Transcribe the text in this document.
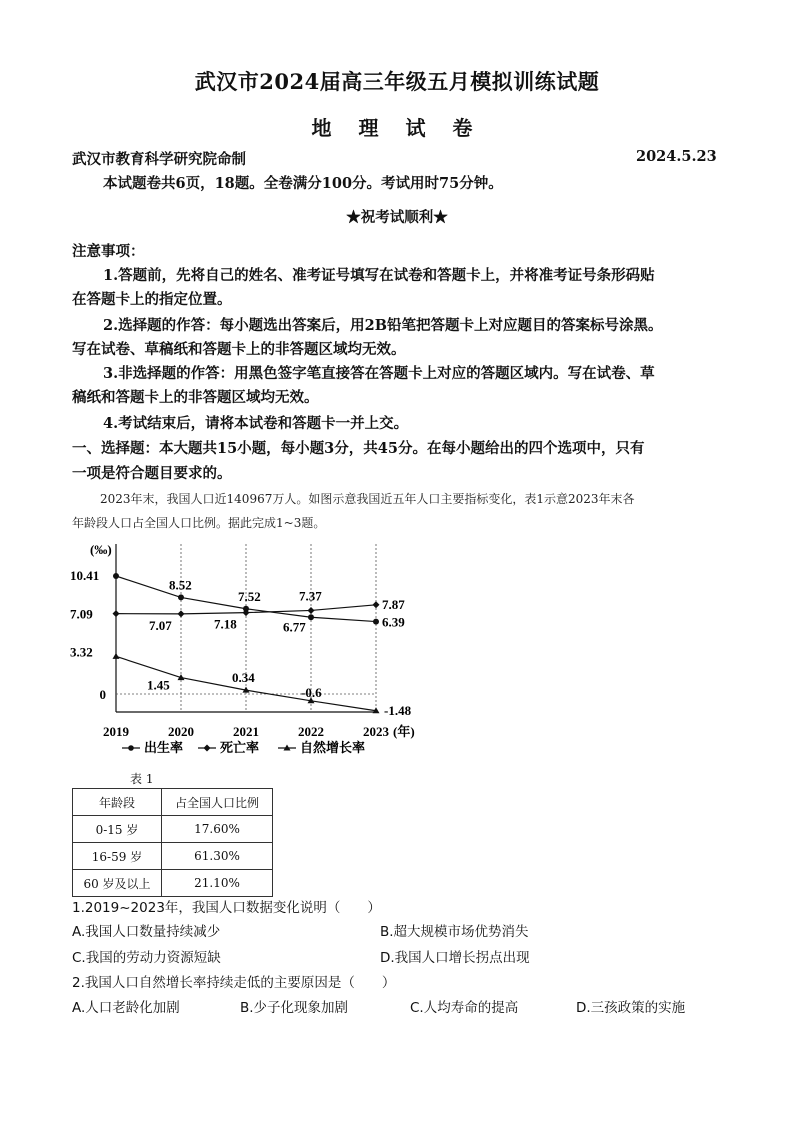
武汉市2024届高三年级五月模拟训练试题
地 理 试 卷
武汉市教育科学研究院命制	2024.5.23
本试题卷共6页，18题。全卷满分100分。考试用时75分钟。
★祝考试顺利★
注意事项：
1.答题前，先将自己的姓名、准考证号填写在试卷和答题卡上，并将准考证号条形码贴
在答题卡上的指定位置。
2.选择题的作答：每小题选出答案后，用2B铅笔把答题卡上对应题目的答案标号涂黑。
写在试卷、草稿纸和答题卡上的非答题区域均无效。
3.非选择题的作答：用黑色签字笔直接答在答题卡上对应的答题区域内。写在试卷、草
稿纸和答题卡上的非答题区域均无效。
4.考试结束后，请将本试卷和答题卡一并上交。
一、选择题：本大题共15小题，每小题3分，共45分。在每小题给出的四个选项中，只有
一项是符合题目要求的。
2023年末，我国人口近140967万人。如图示意我国近五年人口主要指标变化，表1示意2023年末各
年龄段人口占全国人口比例。据此完成1~3题。
(‰)
0
2019	2020	2021	2022	2023 (年)
10.41
8.52
7.52
6.77	6.39
7.09
7.07	7.18
7.37
7.87
3.32
1.45	0.34
-0.6
-1.48
出生率	死亡率	自然增长率
表 1
年龄段	占全国人口比例
0-15 岁	17.60%
16-59 岁	61.30%
60 岁及以上	21.10%
1.2019~2023年，我国人口数据变化说明（　　）
A.我国人口数量持续减少	B.超大规模市场优势消失
C.我国的劳动力资源短缺	D.我国人口增长拐点出现
2.我国人口自然增长率持续走低的主要原因是（　　）
A.人口老龄化加剧	B.少子化现象加剧	C.人均寿命的提高	D.三孩政策的实施
